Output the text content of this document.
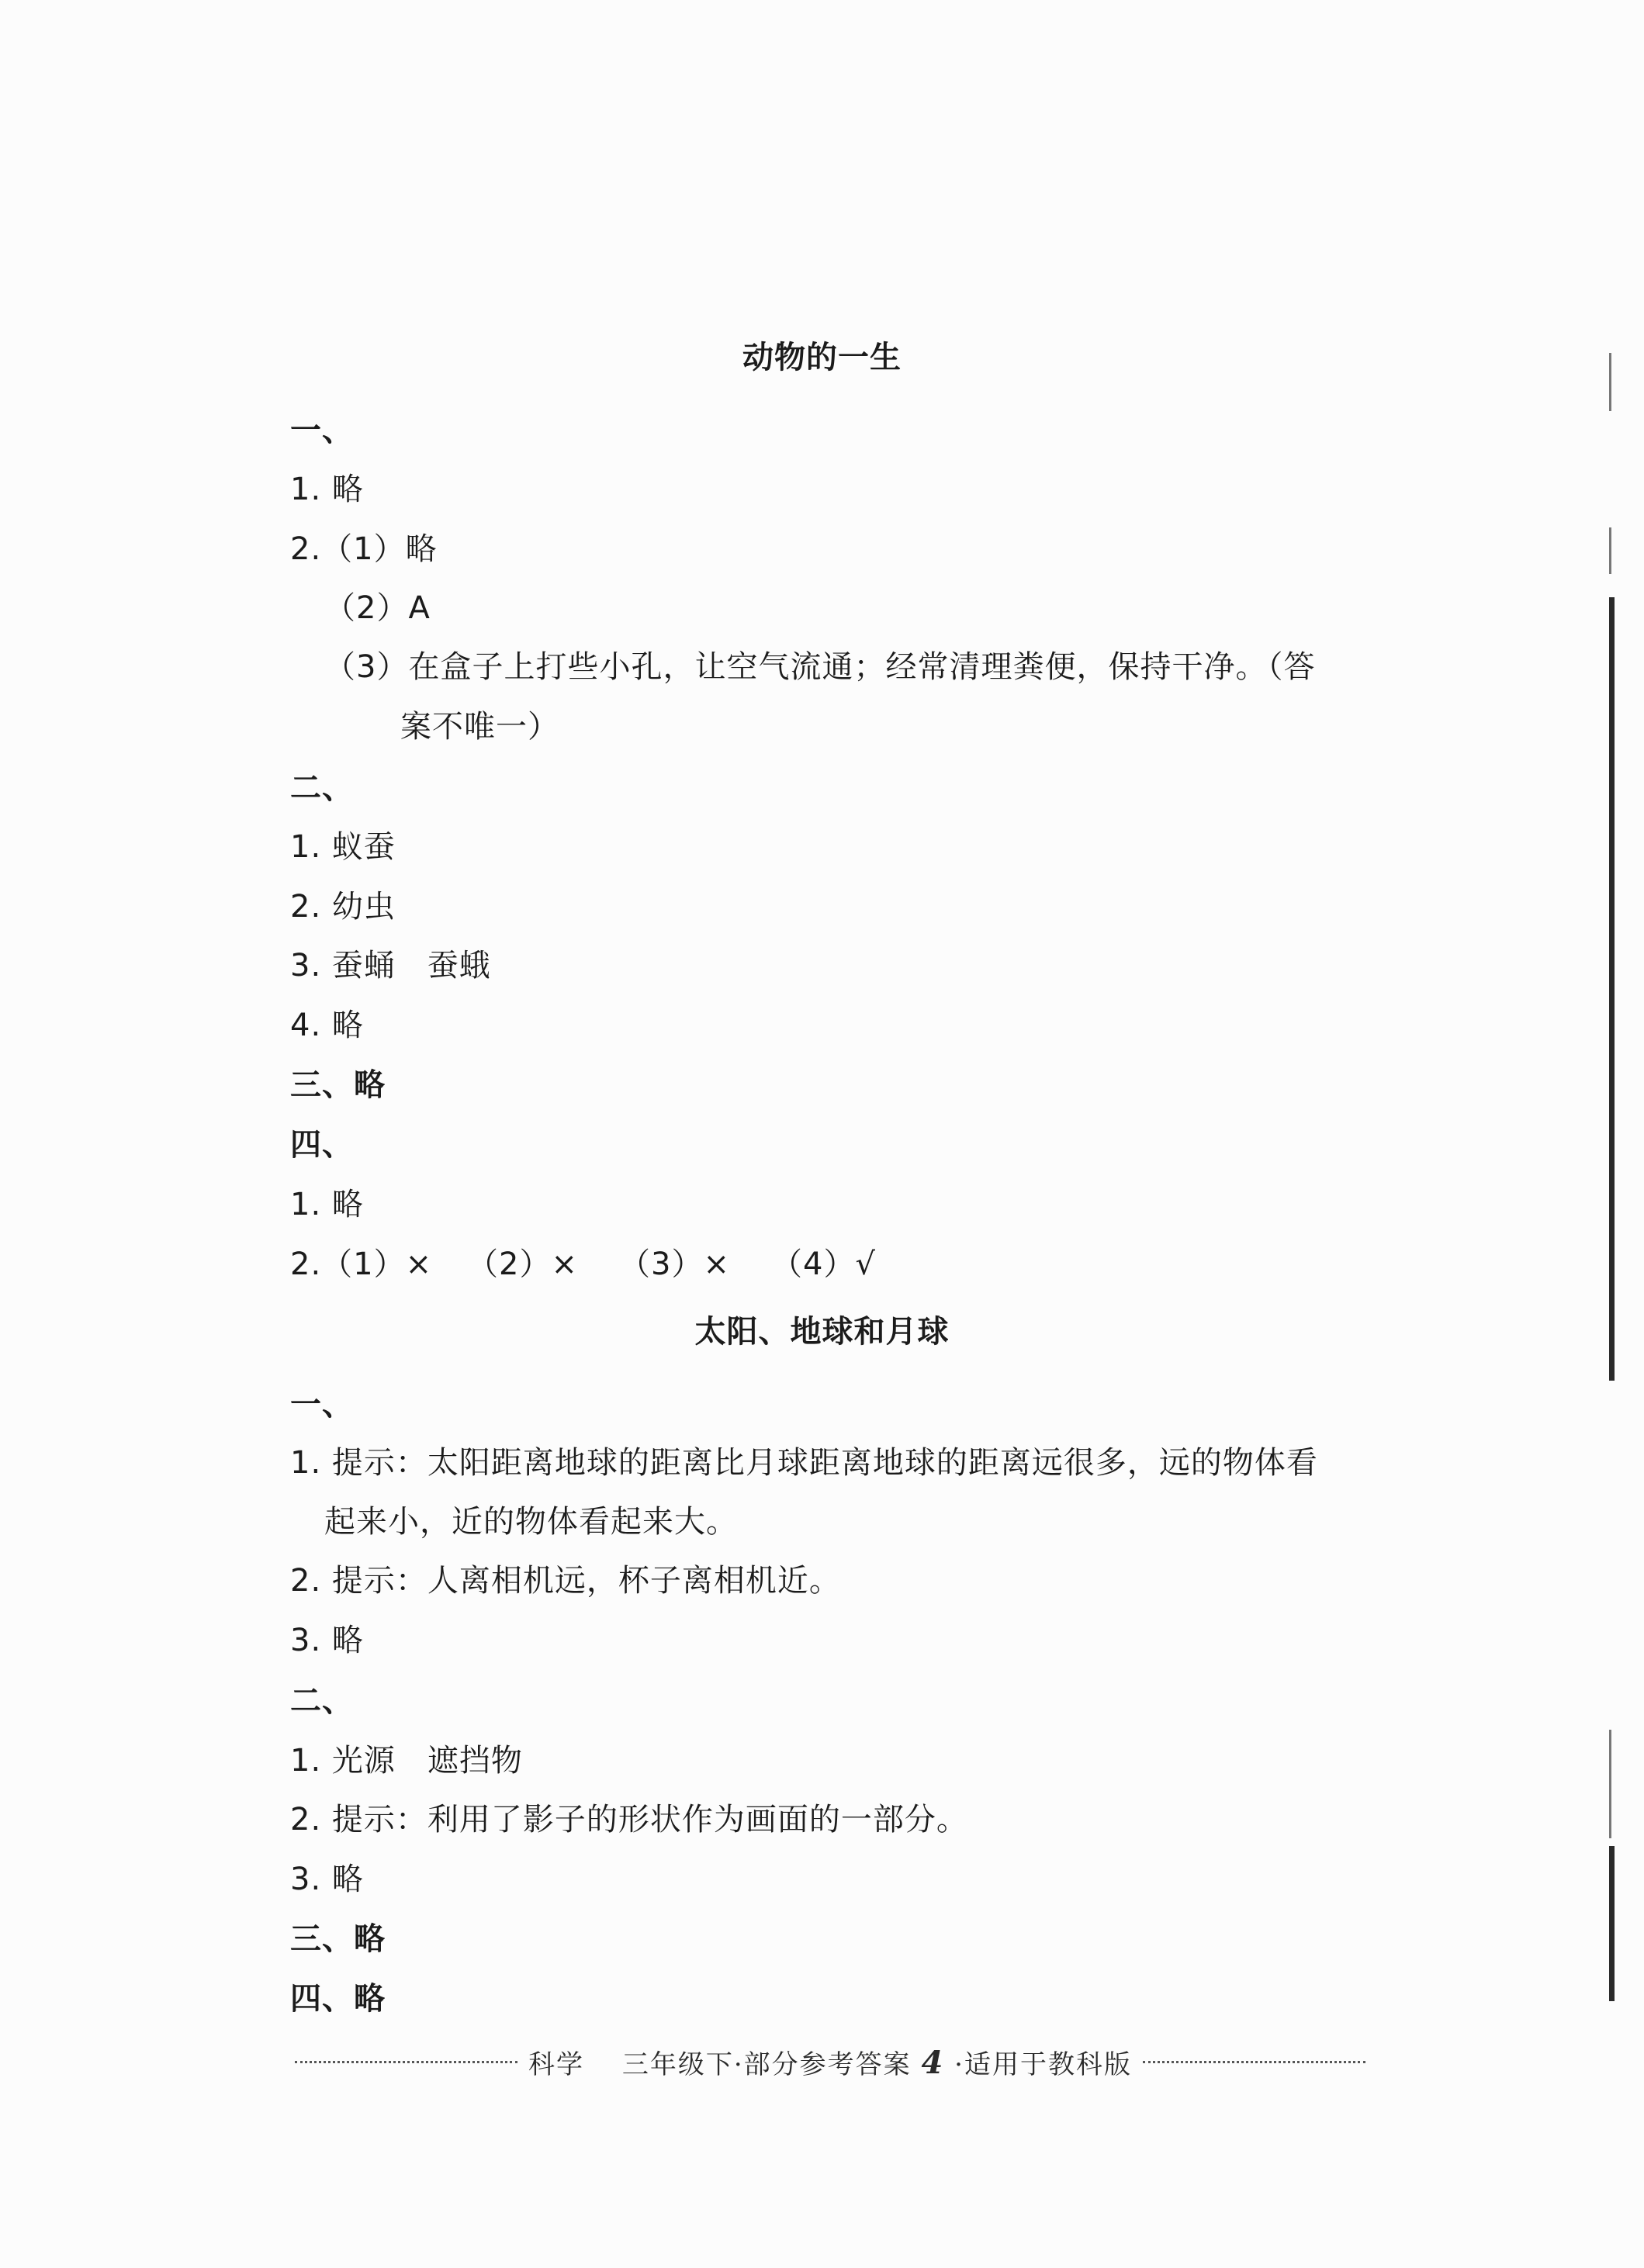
动物的一生
一、
1. 略
2.（1）略
（2）A
（3）在盒子上打些小孔，让空气流通；经常清理粪便，保持干净。（答
案不唯一）
二、
1. 蚁蚕
2. 幼虫
3. 蚕蛹　蚕蛾
4. 略
三、略
四、
1. 略
2.（1）×	（2）×	（3）×	（4）√
太阳、地球和月球
一、
1. 提示：太阳距离地球的距离比月球距离地球的距离远很多，远的物体看
起来小，近的物体看起来大。
2. 提示：人离相机远，杯子离相机近。
3. 略
二、
1. 光源　遮挡物
2. 提示：利用了影子的形状作为画面的一部分。
3. 略
三、略
四、略
科学　 三年级下·部分参考答案 4 ·适用于教科版
